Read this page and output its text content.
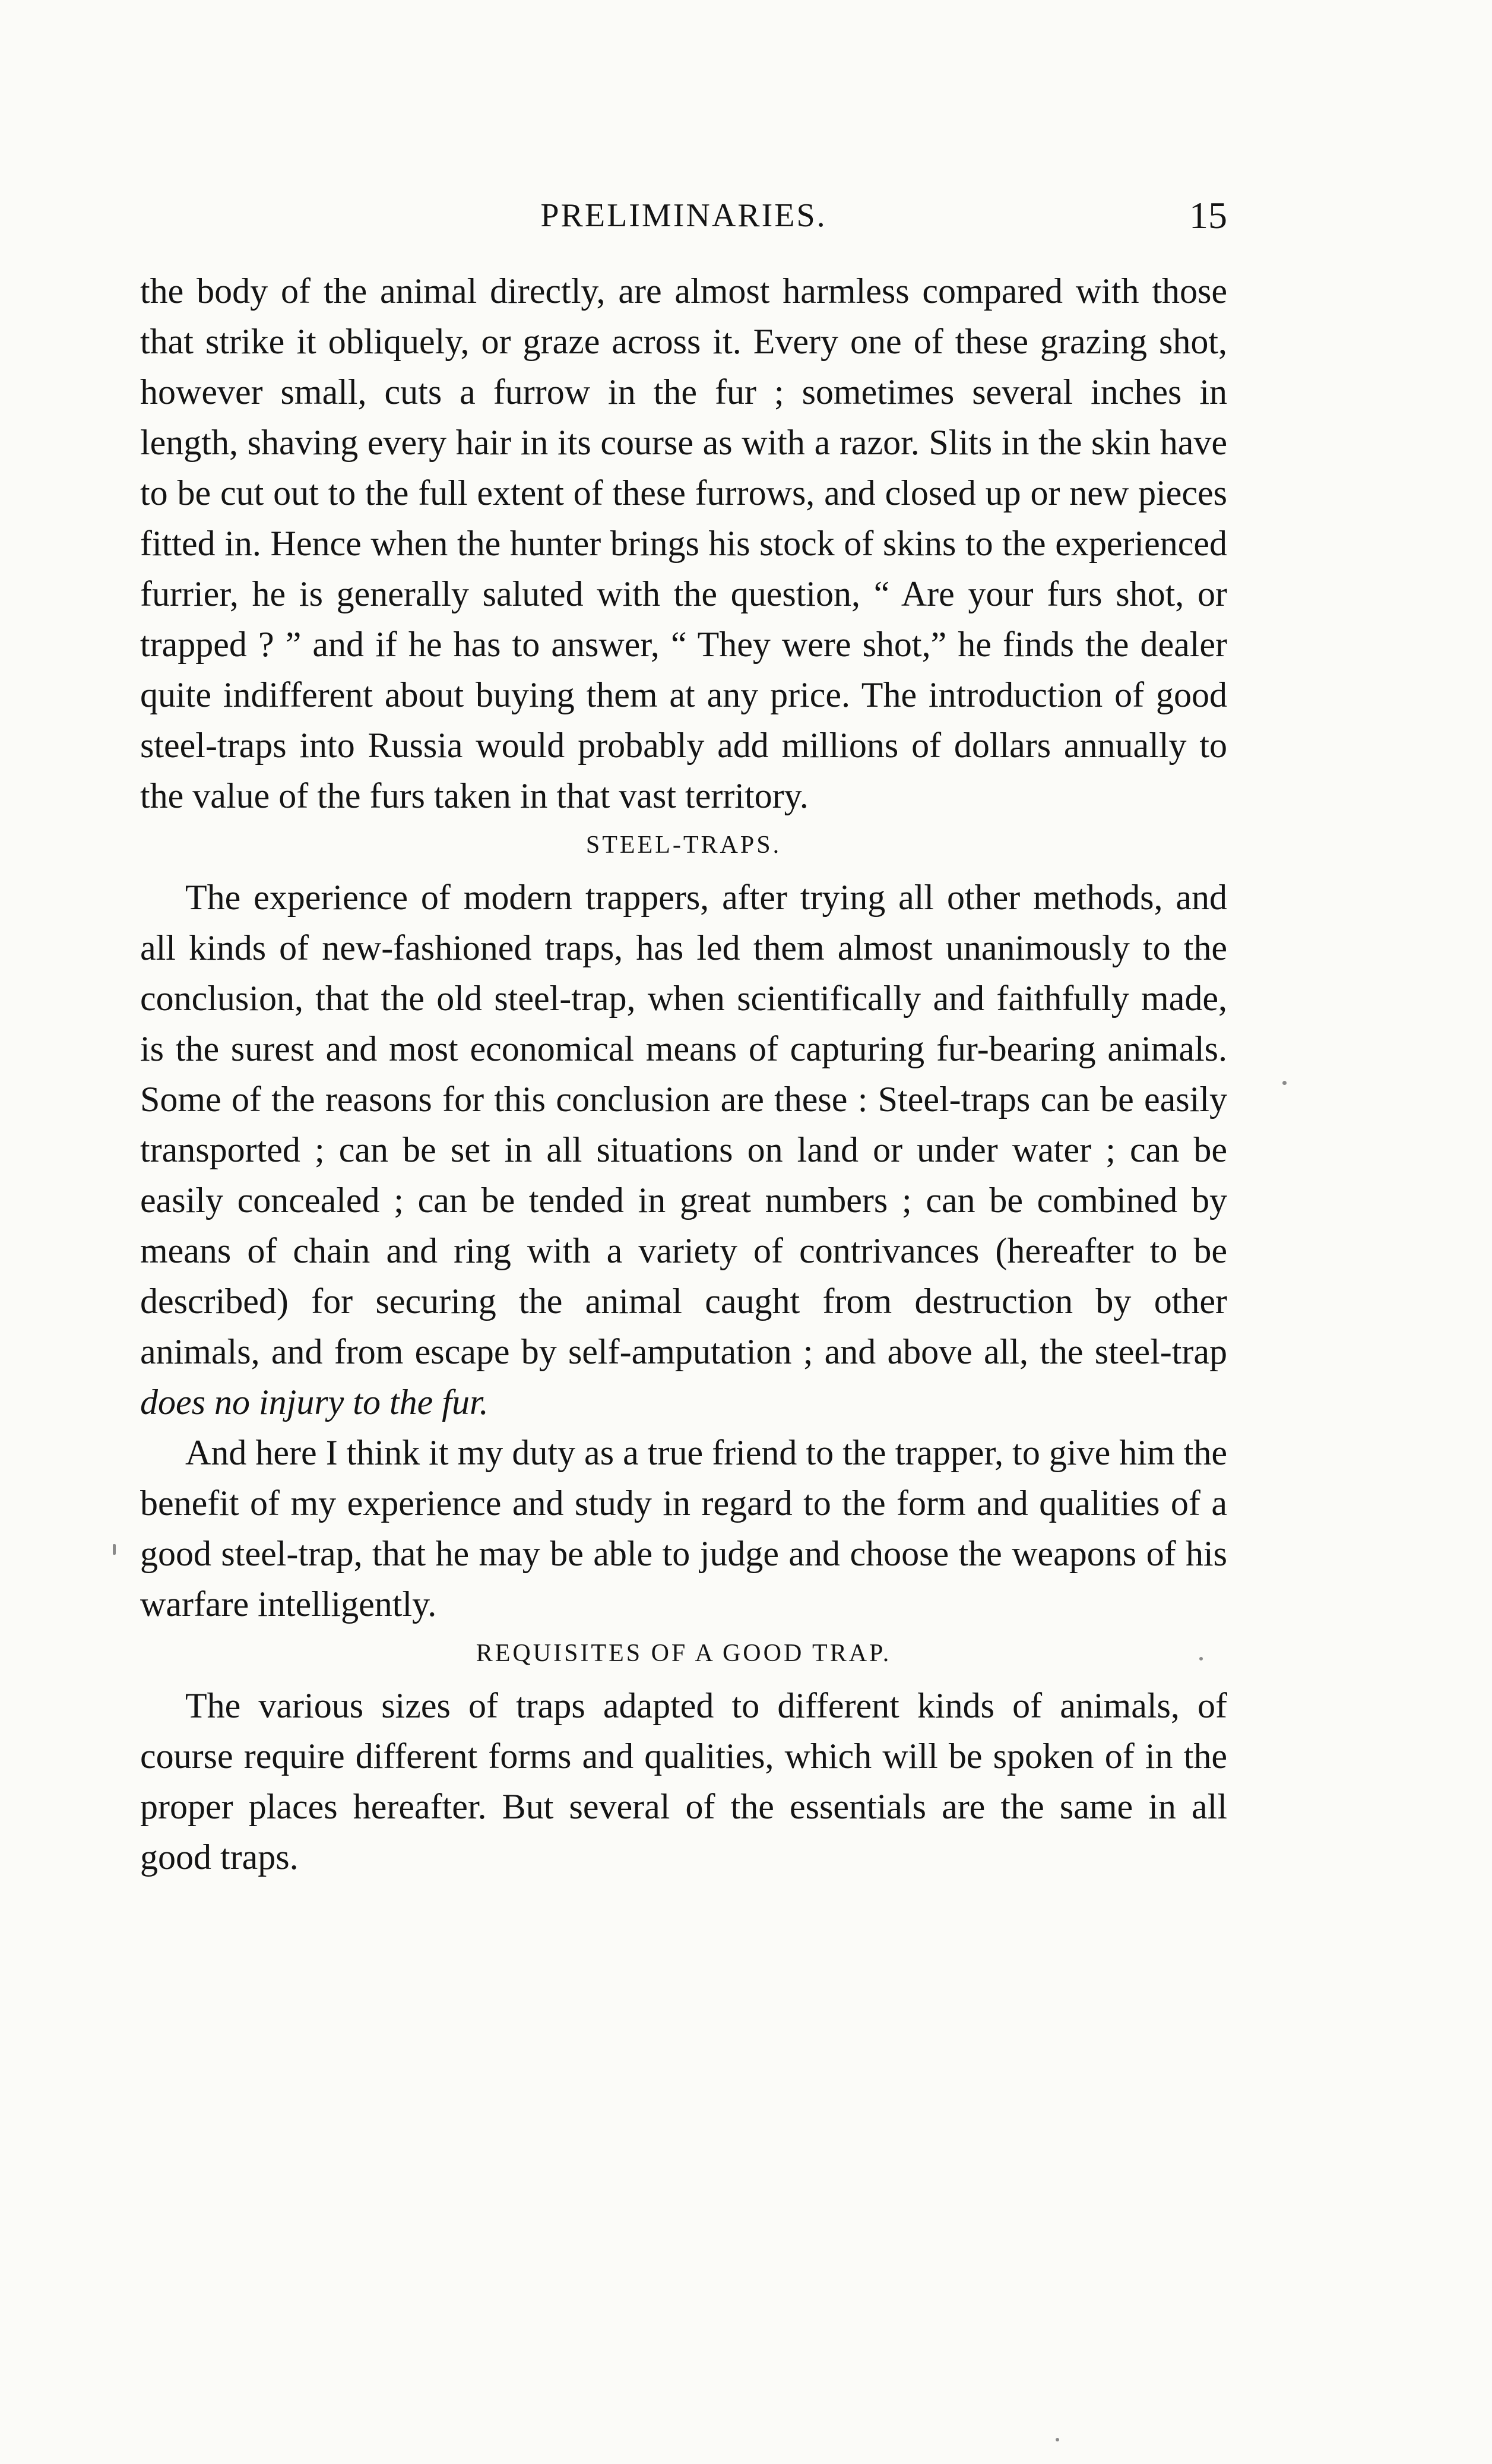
PRELIMINARIES.	15

the body of the animal directly, are almost harmless compared with those that strike it obliquely, or graze across it. Every one of these grazing shot, however small, cuts a furrow in the fur ; sometimes several inches in length, shaving every hair in its course as with a razor. Slits in the skin have to be cut out to the full extent of these furrows, and closed up or new pieces fitted in. Hence when the hunter brings his stock of skins to the experienced furrier, he is generally saluted with the question, “ Are your furs shot, or trapped ? ” and if he has to answer, “ They were shot,” he finds the dealer quite indifferent about buying them at any price. The introduction of good steel-traps into Russia would probably add millions of dollars annually to the value of the furs taken in that vast territory.

STEEL-TRAPS.

The experience of modern trappers, after trying all other methods, and all kinds of new-fashioned traps, has led them almost unanimously to the conclusion, that the old steel-trap, when scientifically and faithfully made, is the surest and most economical means of capturing fur-bearing animals. Some of the reasons for this conclusion are these : Steel-traps can be easily transported ; can be set in all situations on land or under water ; can be easily concealed ; can be tended in great numbers ; can be combined by means of chain and ring with a variety of contrivances (hereafter to be described) for securing the animal caught from destruction by other animals, and from escape by self-amputation ; and above all, the steel-trap does no injury to the fur.

And here I think it my duty as a true friend to the trapper, to give him the benefit of my experience and study in regard to the form and qualities of a good steel-trap, that he may be able to judge and choose the weapons of his warfare intelligently.

REQUISITES OF A GOOD TRAP.

The various sizes of traps adapted to different kinds of animals, of course require different forms and qualities, which will be spoken of in the proper places hereafter. But several of the essentials are the same in all good traps.
